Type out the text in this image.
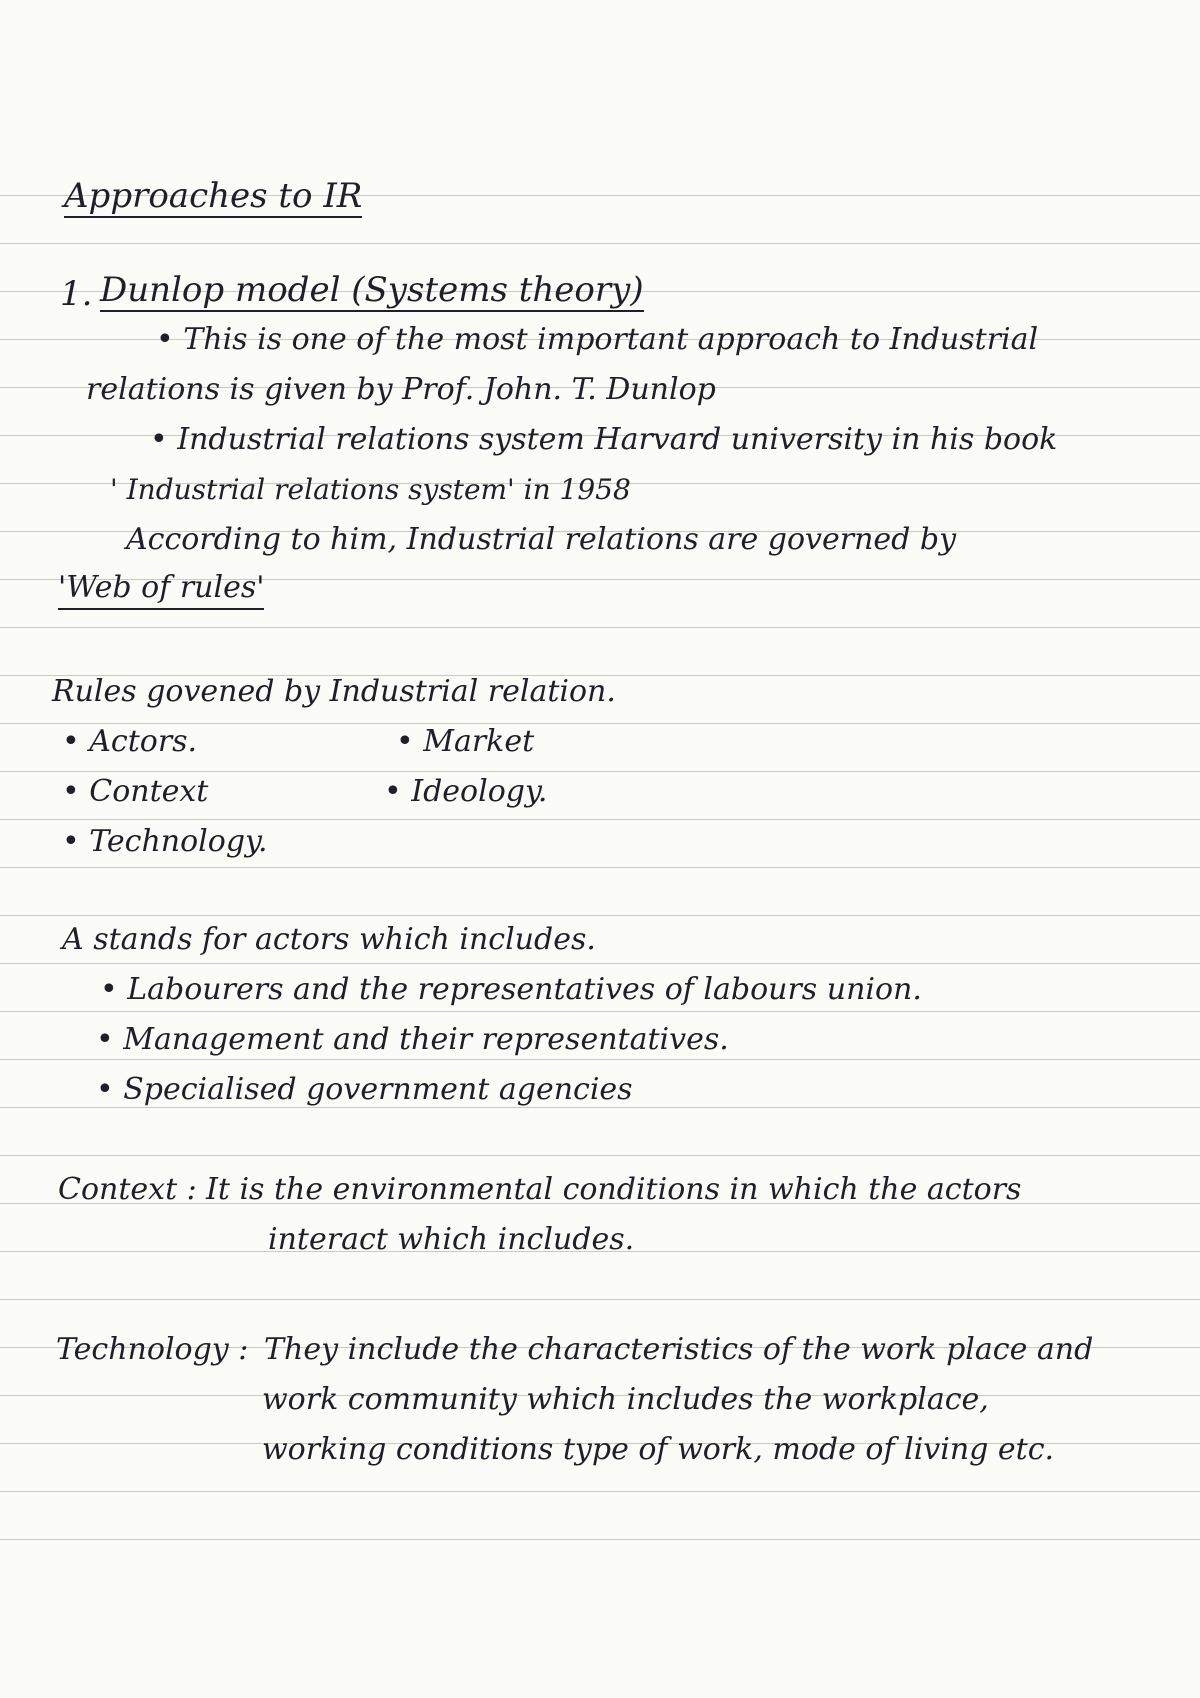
Approaches to IR
1. Dunlop model (Systems theory)
• This is one of the most important approach to Industrial
relations is given by Prof. John. T. Dunlop
• Industrial relations system Harvard university in his book
' Industrial relations system' in 1958
According to him, Industrial relations are governed by
'Web of rules'
Rules govened by Industrial relation.
• Actors.	• Market
• Context	• Ideology.
• Technology.
A stands for actors which includes.
• Labourers and the representatives of labours union.
• Management and their representatives.
• Specialised government agencies
Context : It is the environmental conditions in which the actors
interact which includes.
Technology : They include the characteristics of the work place and
work community which includes the workplace,
working conditions type of work, mode of living etc.
